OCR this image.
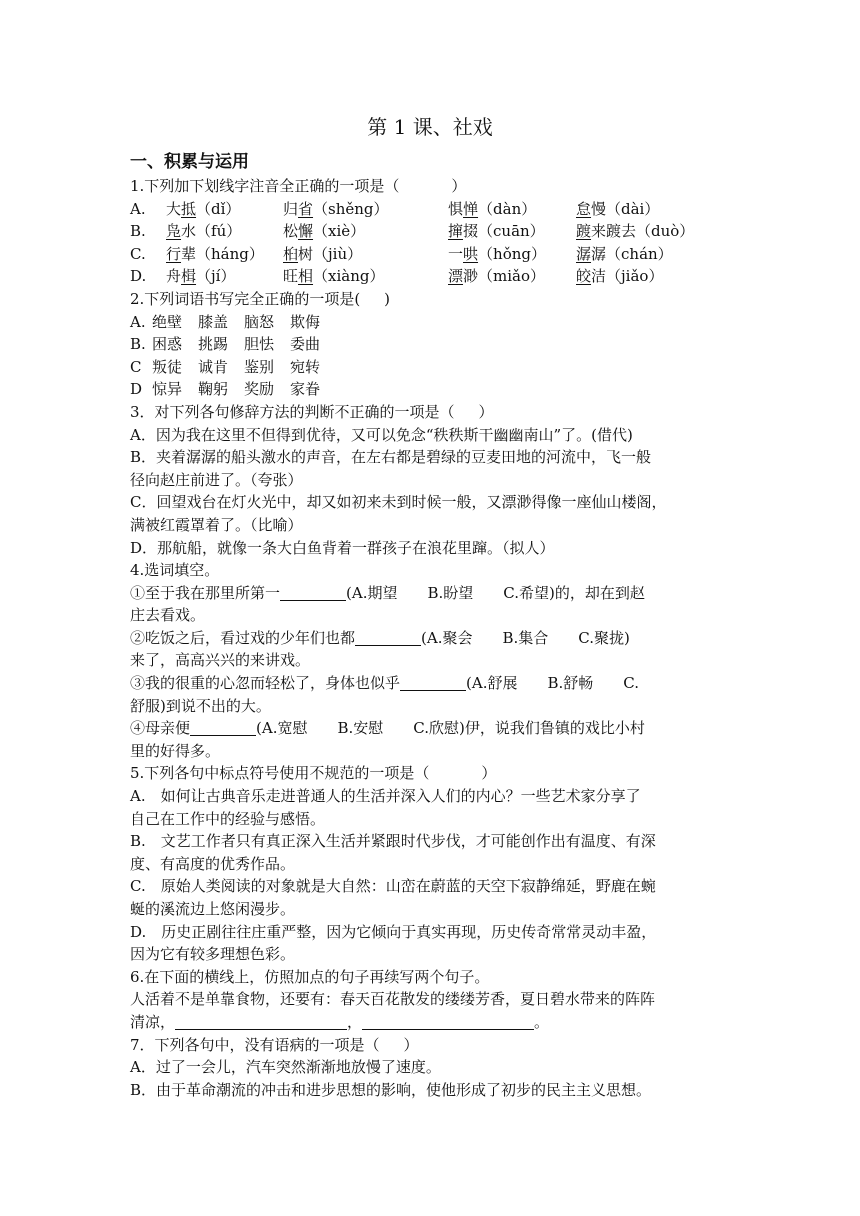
第 1 课、社戏
一、积累与运用
1.下列加下划线字注音全正确的一项是（	）
A. 大抵（dǐ）	归省（shěng）	惧惮（dàn）	怠慢（dài）
B. 凫水（fú）	松懈（xiè）	撺掇（cuān） 踱来踱去（duò）
C. 行辈（háng） 桕树（jiù）	一哄（hǒng） 潺潺（chán）
D. 舟楫（jí）	旺相（xiàng）	漂渺（miǎo） 皎洁（jiǎo）
2.下列词语书写完全正确的一项是( )
A. 绝壁 膝盖 脑怒 欺侮
B. 困惑 挑踢 胆怯 委曲
C 叛徒 诚肯 鉴别 宛转
D 惊异 鞠躬 奖励 家眷
3．对下列各句修辞方法的判断不正确的一项是（ ）
A．因为我在这里不但得到优待，又可以免念“秩秩斯干幽幽南山”了。(借代)
B．夹着潺潺的船头激水的声音，在左右都是碧绿的豆麦田地的河流中，飞一般
径向赵庄前进了。（夸张）
C．回望戏台在灯火光中，却又如初来未到时候一般，又漂渺得像一座仙山楼阁，
满被红霞罩着了。（比喻）
D．那航船，就像一条大白鱼背着一群孩子在浪花里蹿。（拟人）
4.选词填空。
①至于我在那里所第一	(A.期望　　B.盼望　　C.希望)的，却在到赵
庄去看戏。
②吃饭之后，看过戏的少年们也都	(A.聚会　　B.集合　　C.聚拢)
来了，高高兴兴的来讲戏。
③我的很重的心忽而轻松了，身体也似乎	(A.舒展　　B.舒畅　　C.
舒服)到说不出的大。
④母亲便	(A.宽慰　　B.安慰　　C.欣慰)伊，说我们鲁镇的戏比小村
里的好得多。
5.下列各句中标点符号使用不规范的一项是（	）
A.　如何让古典音乐走进普通人的生活并深入人们的内心？一些艺术家分享了
自己在工作中的经验与感悟。
B.　文艺工作者只有真正深入生活并紧跟时代步伐，才可能创作出有温度、有深
度、有高度的优秀作品。
C.　原始人类阅读的对象就是大自然：山峦在蔚蓝的天空下寂静绵延，野鹿在蜿
蜒的溪流边上悠闲漫步。
D.　历史正剧往往庄重严整，因为它倾向于真实再现，历史传奇常常灵动丰盈，
因为它有较多理想色彩。
6.在下面的横线上，仿照加点的句子再续写两个句子。
人活着不是单靠食物，还要有：春天百花散发的缕缕芳香，夏日碧水带来的阵阵
清凉，	，	。
7．下列各句中，没有语病的一项是（ ）
A．过了一会儿，汽车突然渐渐地放慢了速度。
B．由于革命潮流的冲击和进步思想的影响，使他形成了初步的民主主义思想。
